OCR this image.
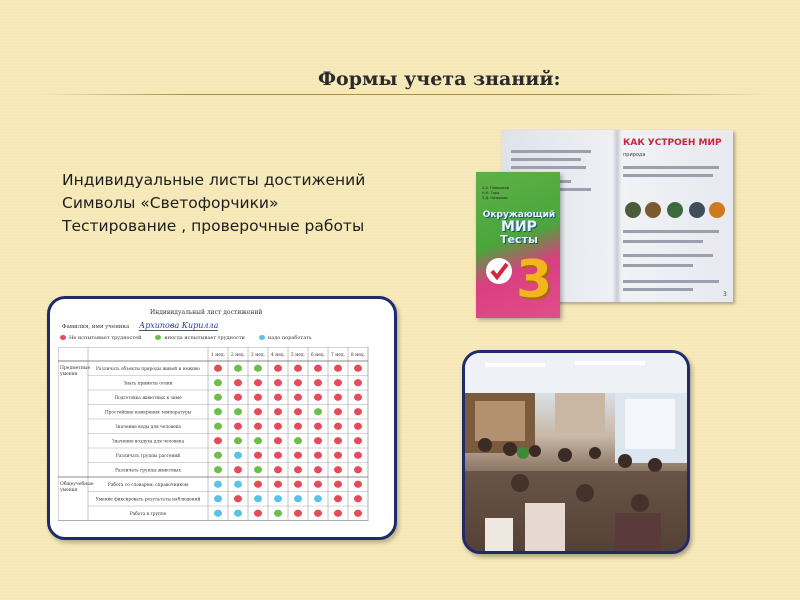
Формы учета знаний:
Индивидуальные листы достижений
Символы «Светофорчики»
Тестирование , проверочные работы
Индивидуальный лист достижений
Фамилия, имя ученика Архипова Кирилла
Не испытывает трудностей	иногда испытывает трудности	надо поработать
1 нед. 2 нед. 3 нед. 4 нед. 5 нед. 6 нед. 7 нед. 8 нед.
Предметные
умения
Общеучебные
умения
Различать объекты природы живой и неживо
Знать приметы осени
Подготовка животных к зиме
Простейшие измерения температуры
Значение воды для человека
Значение воздуха для человека
Различать группы растений
Различать группы животных
Работа со словарем, справочником
Умение фиксировать результаты наблюдений
Работа в группе
КАК УСТРОЕН МИР
природа
3
А.А. Плешаков
Н.Н. Гара
З.Д. Назарова
Окружающий
МИР
Тесты
3
